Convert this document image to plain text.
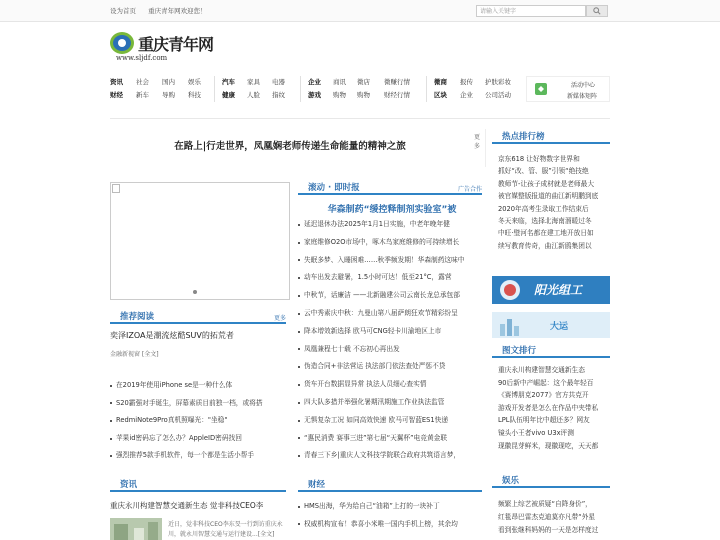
设为首页 重庆青年网欢迎您！	请输入关键字
重庆青年网
www.sljdf.com
资讯	社会	国内	娱乐
财经	新车	导购	科技
汽车	家具	电器
健康	人脸	指纹
企业	商讯	微店	微赚行情
游戏	购物	购物	财经行情
微商	报传	护肤彩妆
区块	企业	公司活动
活动中心
新媒体矩阵
在路上|行走世界，凤凰娴老师传递生命能量的精神之旅
更多
热点排行榜
京东618 让好物数字世界和
抓好“改、管、服”引领“绝技绝
教师节-让孩子成材就是老师最大
被官媒整版报道的曲江新明鹏到底
2020年高考生录取工作结束后
冬天来临，选择北海南溜暖过冬
中旺·璧河名都在建工地开放日如
续写教育传奇，曲江新鸥集团以
阳光组工
大运
图文排行
重庆永川构建智慧交通新生态
90后新中产崛起：这个最年轻百
《赛博朋克2077》官方共克开
游戏开发者是怎么在作品中夹带私
LPL队伍明年比中超还多？网友
镜头小王者vivo U3x评测
现徽昆芽鲜米，现徽现吃，天天都
推荐阅读	更多
奕泽IZOA是潮流炫酷SUV的拓荒者
金融新视窗 [全文]
在2019年使用iPhone se是一种什么体
S20霸强对手诞生，屏幕素质目前独一档，或将搭
RedmiNote9Pro真机照曝光："坐稳"
苹果id密码忘了怎么办？AppleID密码找回
强烈推荐5款手机软件，每一个都是生活小帮手
滚动 · 即时报	广告合作
华森制药“缓控释制剂实验室”被
延迟退休办法2025年1月1日实施，中老年晚年健
家庭维修O2O市场中，啄木鸟家庭维修的可持续增长
失眠多梦、入睡困难……秋季频发期！华森制药这味中
动车出发去避暑，1.5小时可达！低至21°C，露营
中秋节，话廉洁 ——北新融建公司云南长龙总承包部
云中秀素庆中秋：九曼山第八届萨朗狂欢节精彩纷呈
降本增效新选择 欧马可CNG轻卡川渝地区上市
凤凰兼程七十载 不忘初心再出发
伪造合同+非法营运 执法部门依法查处严惩不贷
货车开台数据显异常 执法人员细心查实情
四大队多措并举强化暑期汛期施工作业执法监管
无惧复杂工况 如同高效快速 欧马可智蓝ES1快递
“惠民消费 赛事三进”第七届“天翼杯”电竞黄金联
青春三下乡|重庆人文科技学院联合政府共筑语言梦，
资讯
重庆永川构建智慧交通新生态 觉非科技CEO李
近日，觉非科技CEO李东旻一行到访重庆永
川，就永川智慧交通与运行建设...[全文]
财经
HMS出海，华为给自己“油箱”上打的一块补丁
权威机构宣布！恭喜小米唯一国内手机上榜，其余均
娱乐
频繁上综艺被质疑“自降身价”，
红毯昂巴雷杰克迪莫亦凡带“外星
看到张继科妈妈的一天是怎样度过
